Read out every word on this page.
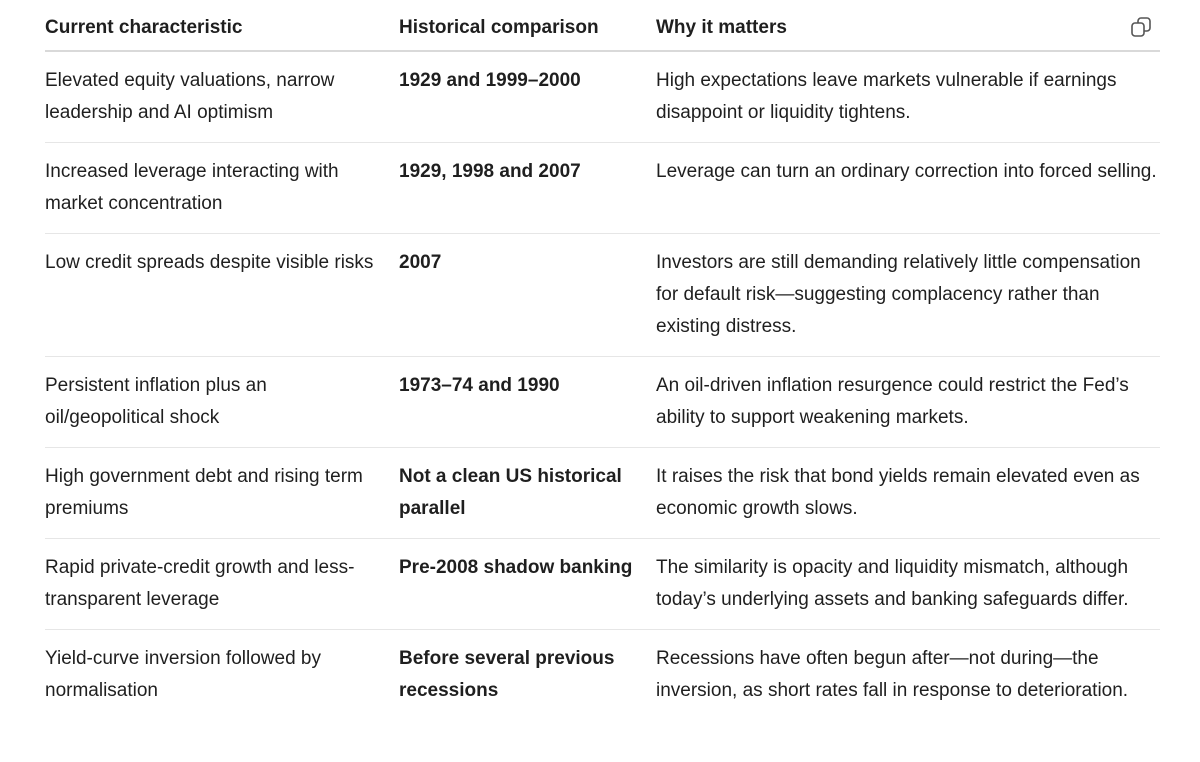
Current characteristic	Historical comparison	Why it matters
Elevated equity valuations, narrow leadership and AI optimism	1929 and 1999–2000	High expectations leave markets vulnerable if earnings disappoint or liquidity tightens.
Increased leverage interacting with market concentration	1929, 1998 and 2007	Leverage can turn an ordinary correction into forced selling.
Low credit spreads despite visible risks	2007	Investors are still demanding relatively little compensation for default risk—suggesting complacency rather than existing distress.
Persistent inflation plus an oil/geopolitical shock	1973–74 and 1990	An oil-driven inflation resurgence could restrict the Fed’s ability to support weakening markets.
High government debt and rising term premiums	Not a clean US historical parallel	It raises the risk that bond yields remain elevated even as economic growth slows.
Rapid private-credit growth and less-transparent leverage	Pre-2008 shadow banking	The similarity is opacity and liquidity mismatch, although today’s underlying assets and banking safeguards differ.
Yield-curve inversion followed by normalisation	Before several previous recessions	Recessions have often begun after—not during—the inversion, as short rates fall in response to deterioration.
